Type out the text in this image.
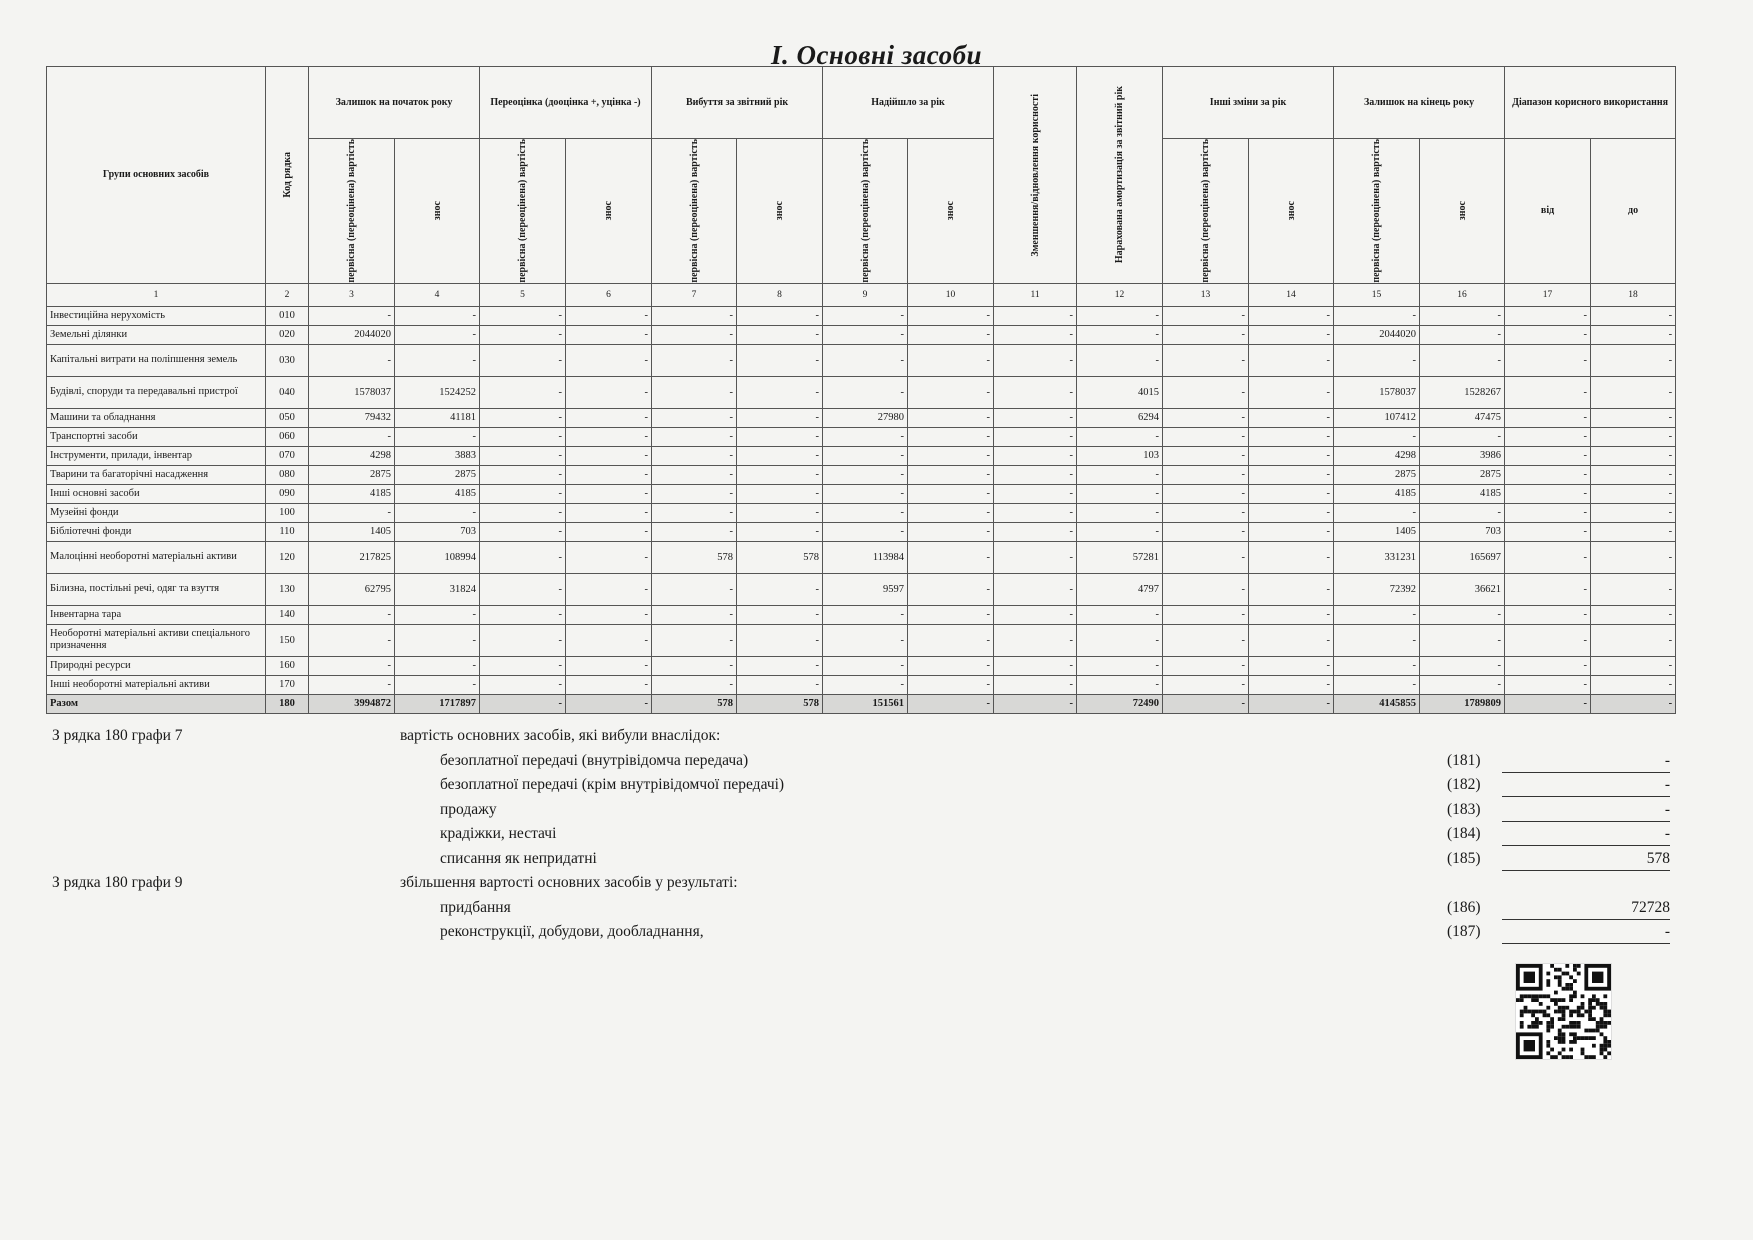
I. Основні засоби
Групи основних засобів	Код рядка	Залишок на початок року		Переоцінка (дооцінка +, уцінка -)		Вибуття за звітний рік		Надійшло за рік		Зменшення/відновлення корисності	Нарахована амортизація за звітний рік	Інші зміни за рік		Залишок на кінець року		Діапазон корисного використання	

		первісна (переоцінена) вартість	знос	первісна (переоцінена) вартість	знос	первісна (переоцінена) вартість	знос	первісна (переоцінена) вартість	знос			первісна (переоцінена) вартість	знос	первісна (переоцінена) вартість	знос	від	до
1	2	3	4	5	6	7	8	9	10	11	12	13	14	15	16	17	18
Інвестиційна нерухомість	010	-	-	-	-	-	-	-	-	-	-	-	-	-	-	-	-
Земельні ділянки	020	2044020	-	-	-	-	-	-	-	-	-	-	-	2044020	-	-	-
Капітальні витрати на поліпшення земель	030	-	-	-	-	-	-	-	-	-	-	-	-	-	-	-	-
Будівлі, споруди та передавальні пристрої	040	1578037	1524252	-	-	-	-	-	-	-	4015	-	-	1578037	1528267	-	-
Машини та обладнання	050	79432	41181	-	-	-	-	27980	-	-	6294	-	-	107412	47475	-	-
Транспортні засоби	060	-	-	-	-	-	-	-	-	-	-	-	-	-	-	-	-
Інструменти, прилади, інвентар	070	4298	3883	-	-	-	-	-	-	-	103	-	-	4298	3986	-	-
Тварини та багаторічні насадження	080	2875	2875	-	-	-	-	-	-	-	-	-	-	2875	2875	-	-
Інші основні засоби	090	4185	4185	-	-	-	-	-	-	-	-	-	-	4185	4185	-	-
Музейні фонди	100	-	-	-	-	-	-	-	-	-	-	-	-	-	-	-	-
Бібліотечні фонди	110	1405	703	-	-	-	-	-	-	-	-	-	-	1405	703	-	-
Малоцінні необоротні матеріальні активи	120	217825	108994	-	-	578	578	113984	-	-	57281	-	-	331231	165697	-	-
Білизна, постільні речі, одяг та взуття	130	62795	31824	-	-	-	-	9597	-	-	4797	-	-	72392	36621	-	-
Інвентарна тара	140	-	-	-	-	-	-	-	-	-	-	-	-	-	-	-	-
Необоротні матеріальні активи спеціального призначення	150	-	-	-	-	-	-	-	-	-	-	-	-	-	-	-	-
Природні ресурси	160	-	-	-	-	-	-	-	-	-	-	-	-	-	-	-	-
Інші необоротні матеріальні активи	170	-	-	-	-	-	-	-	-	-	-	-	-	-	-	-	-
Разом	180	3994872	1717897	-	-	578	578	151561	-	-	72490	-	-	4145855	1789809	-	-
З рядка 180 графи 7	вартість основних засобів, які вибули внаслідок:
безоплатної передачі (внутрівідомча передача)	(181)	-
безоплатної передачі (крім внутрівідомчої передачі)	(182)	-
продажу	(183)	-
крадіжки, нестачі	(184)	-
списання як непридатні	(185)	578
З рядка 180 графи 9	збільшення вартості основних засобів у результаті:
придбання	(186)	72728
реконструкції, добудови, дообладнання,	(187)	-
